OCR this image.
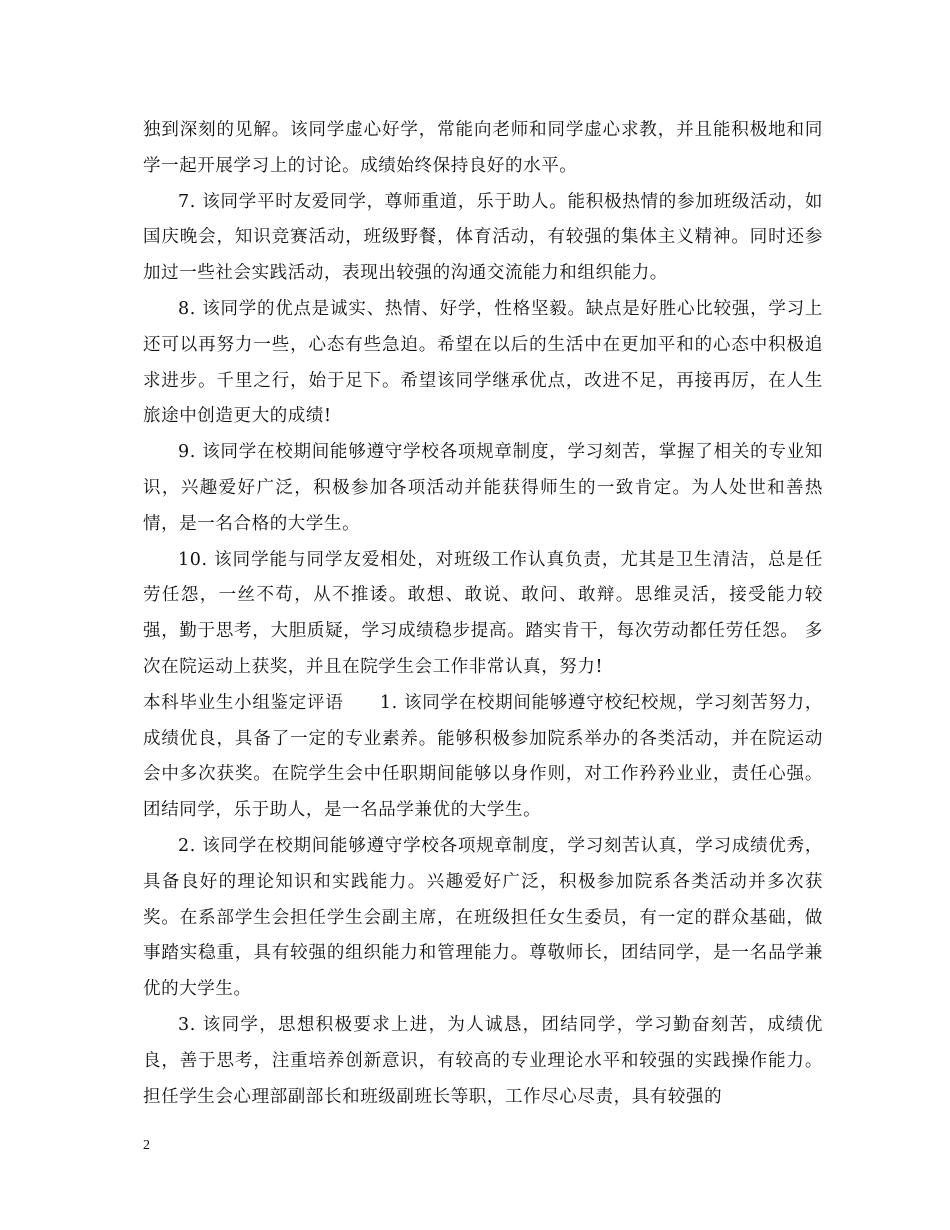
独到深刻的见解。该同学虚心好学，常能向老师和同学虚心求教，并且能积极地和同学一起开展学习上的讨论。成绩始终保持良好的水平。

7. 该同学平时友爱同学，尊师重道，乐于助人。能积极热情的参加班级活动，如国庆晚会，知识竞赛活动，班级野餐，体育活动，有较强的集体主义精神。同时还参加过一些社会实践活动，表现出较强的沟通交流能力和组织能力。

8. 该同学的优点是诚实、热情、好学，性格坚毅。缺点是好胜心比较强，学习上还可以再努力一些，心态有些急迫。希望在以后的生活中在更加平和的心态中积极追求进步。千里之行，始于足下。希望该同学继承优点，改进不足，再接再厉，在人生旅途中创造更大的成绩!

9. 该同学在校期间能够遵守学校各项规章制度，学习刻苦，掌握了相关的专业知识，兴趣爱好广泛，积极参加各项活动并能获得师生的一致肯定。为人处世和善热情，是一名合格的大学生。

10. 该同学能与同学友爱相处，对班级工作认真负责，尤其是卫生清洁，总是任劳任怨，一丝不苟，从不推诿。敢想、敢说、敢问、敢辩。思维灵活，接受能力较强，勤于思考，大胆质疑，学习成绩稳步提高。踏实肯干，每次劳动都任劳任怨。 多次在院运动上获奖，并且在院学生会工作非常认真，努力!

本科毕业生小组鉴定评语　　1. 该同学在校期间能够遵守校纪校规，学习刻苦努力，成绩优良，具备了一定的专业素养。能够积极参加院系举办的各类活动，并在院运动会中多次获奖。在院学生会中任职期间能够以身作则，对工作矜矜业业，责任心强。团结同学，乐于助人，是一名品学兼优的大学生。

2. 该同学在校期间能够遵守学校各项规章制度，学习刻苦认真，学习成绩优秀，具备良好的理论知识和实践能力。兴趣爱好广泛，积极参加院系各类活动并多次获奖。在系部学生会担任学生会副主席，在班级担任女生委员，有一定的群众基础，做事踏实稳重，具有较强的组织能力和管理能力。尊敬师长，团结同学，是一名品学兼优的大学生。

3. 该同学，思想积极要求上进，为人诚恳，团结同学，学习勤奋刻苦，成绩优良，善于思考，注重培养创新意识，有较高的专业理论水平和较强的实践操作能力。担任学生会心理部副部长和班级副班长等职，工作尽心尽责，具有较强的

2
